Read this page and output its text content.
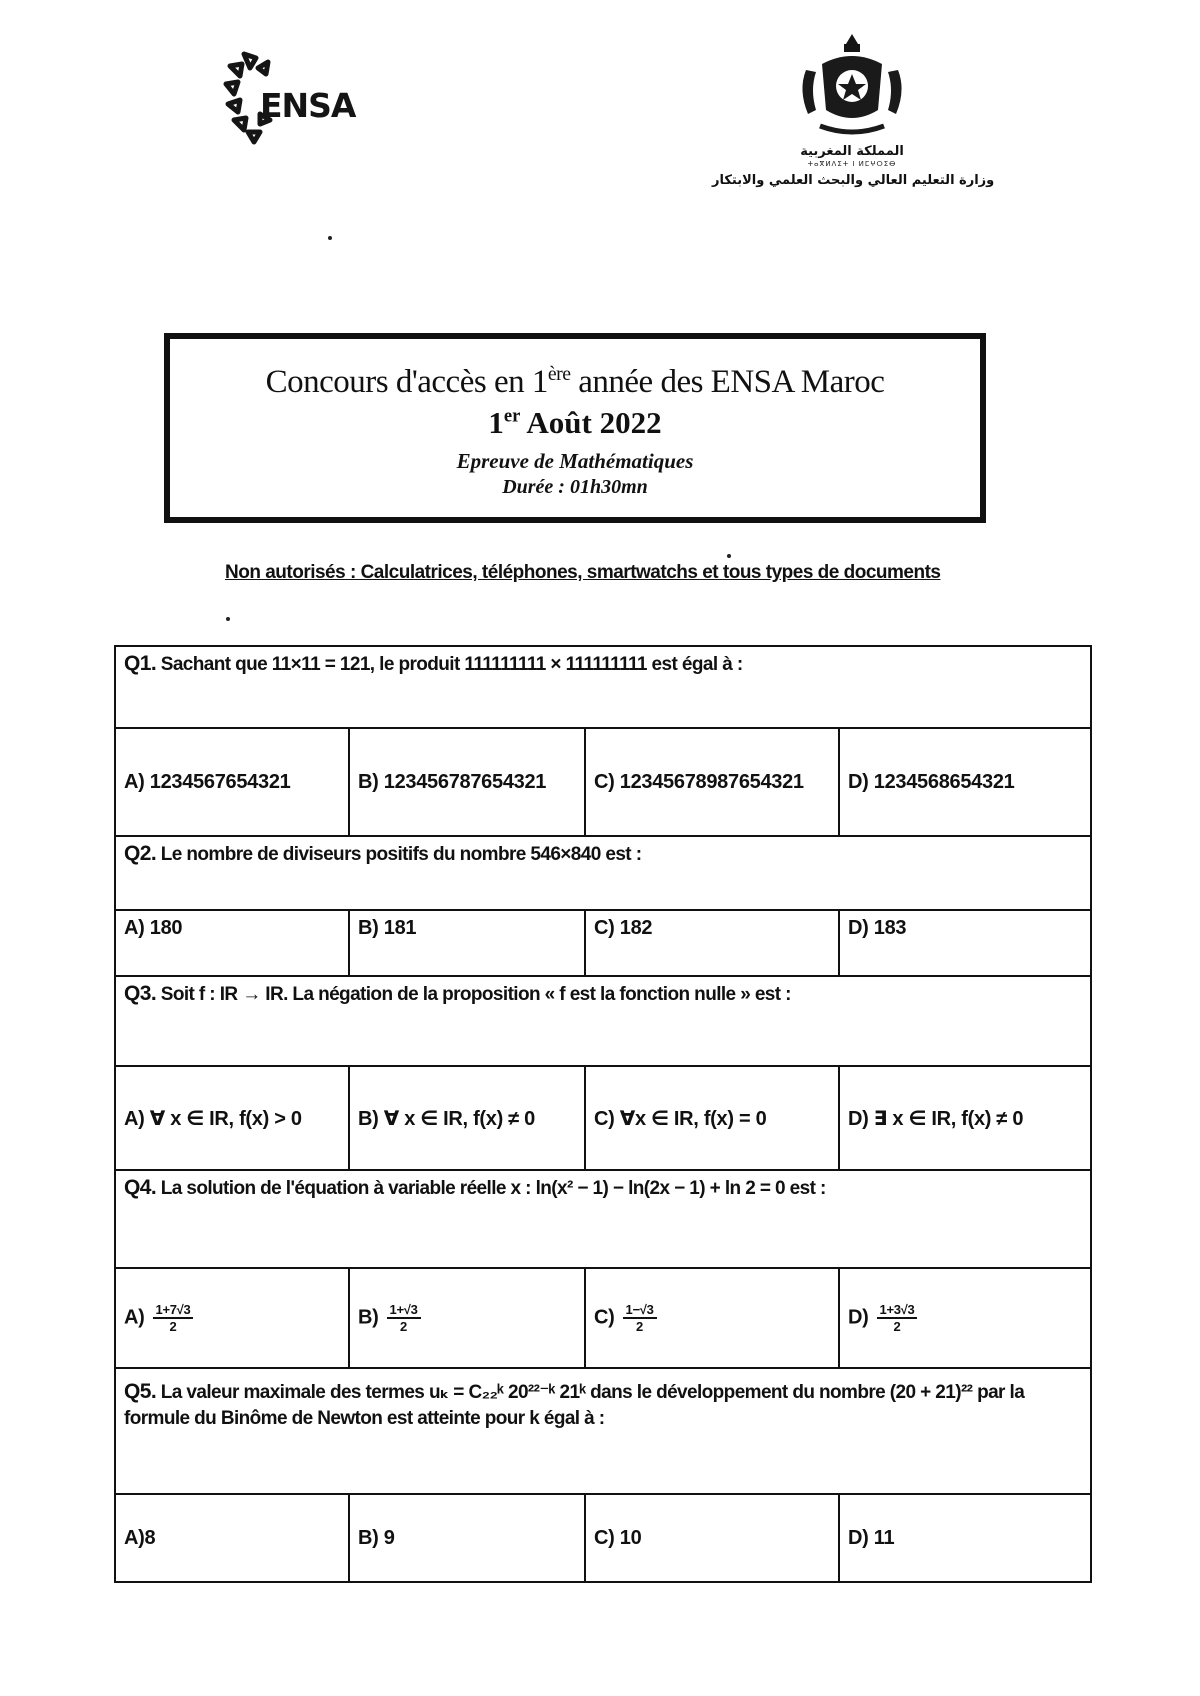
ENSA
المملكة المغربية
ⵜⴰⴳⵍⴷⵉⵜ ⵏ ⵍⵎⵖⵔⵉⴱ
وزارة التعليم العالي والبحث العلمي والابتكار
Concours d'accès en 1ère année des ENSA Maroc
1er Août 2022
Epreuve de Mathématiques
Durée : 01h30mn
Non autorisés : Calculatrices, téléphones, smartwatchs et tous types de documents
Q1. Sachant que 11×11 = 121, le produit 111111111 × 111111111 est égal à :			
A) 1234567654321	B) 123456787654321	C) 12345678987654321	D) 1234568654321
Q2. Le nombre de diviseurs positifs du nombre 546×840 est :			
A) 180	B) 181	C) 182	D) 183
Q3. Soit f : IR → IR. La négation de la proposition « f est la fonction nulle » est :			
A) ∀ x ∈ IR, f(x) > 0	B) ∀ x ∈ IR, f(x) ≠ 0	C) ∀x ∈ IR, f(x) = 0	D) ∃ x ∈ IR, f(x) ≠ 0
Q4. La solution de l'équation à variable réelle x : ln(x² − 1) − ln(2x − 1) + ln 2 = 0 est :			
$A) \frac{1+7√3}{2}$	$B) \frac{1+√3}{2}$	$C) \frac{1-√3}{2}$	$D) \frac{1+3√3}{2}$

Q5. La valeur maximale des termes uₖ = C₂₂ᵏ 20²²⁻ᵏ 21ᵏ dans le développement du nombre (20 + 21)²² par la formule du Binôme de Newton est atteinte pour k égal à :			
A)8	B) 9	C) 10	D) 11
